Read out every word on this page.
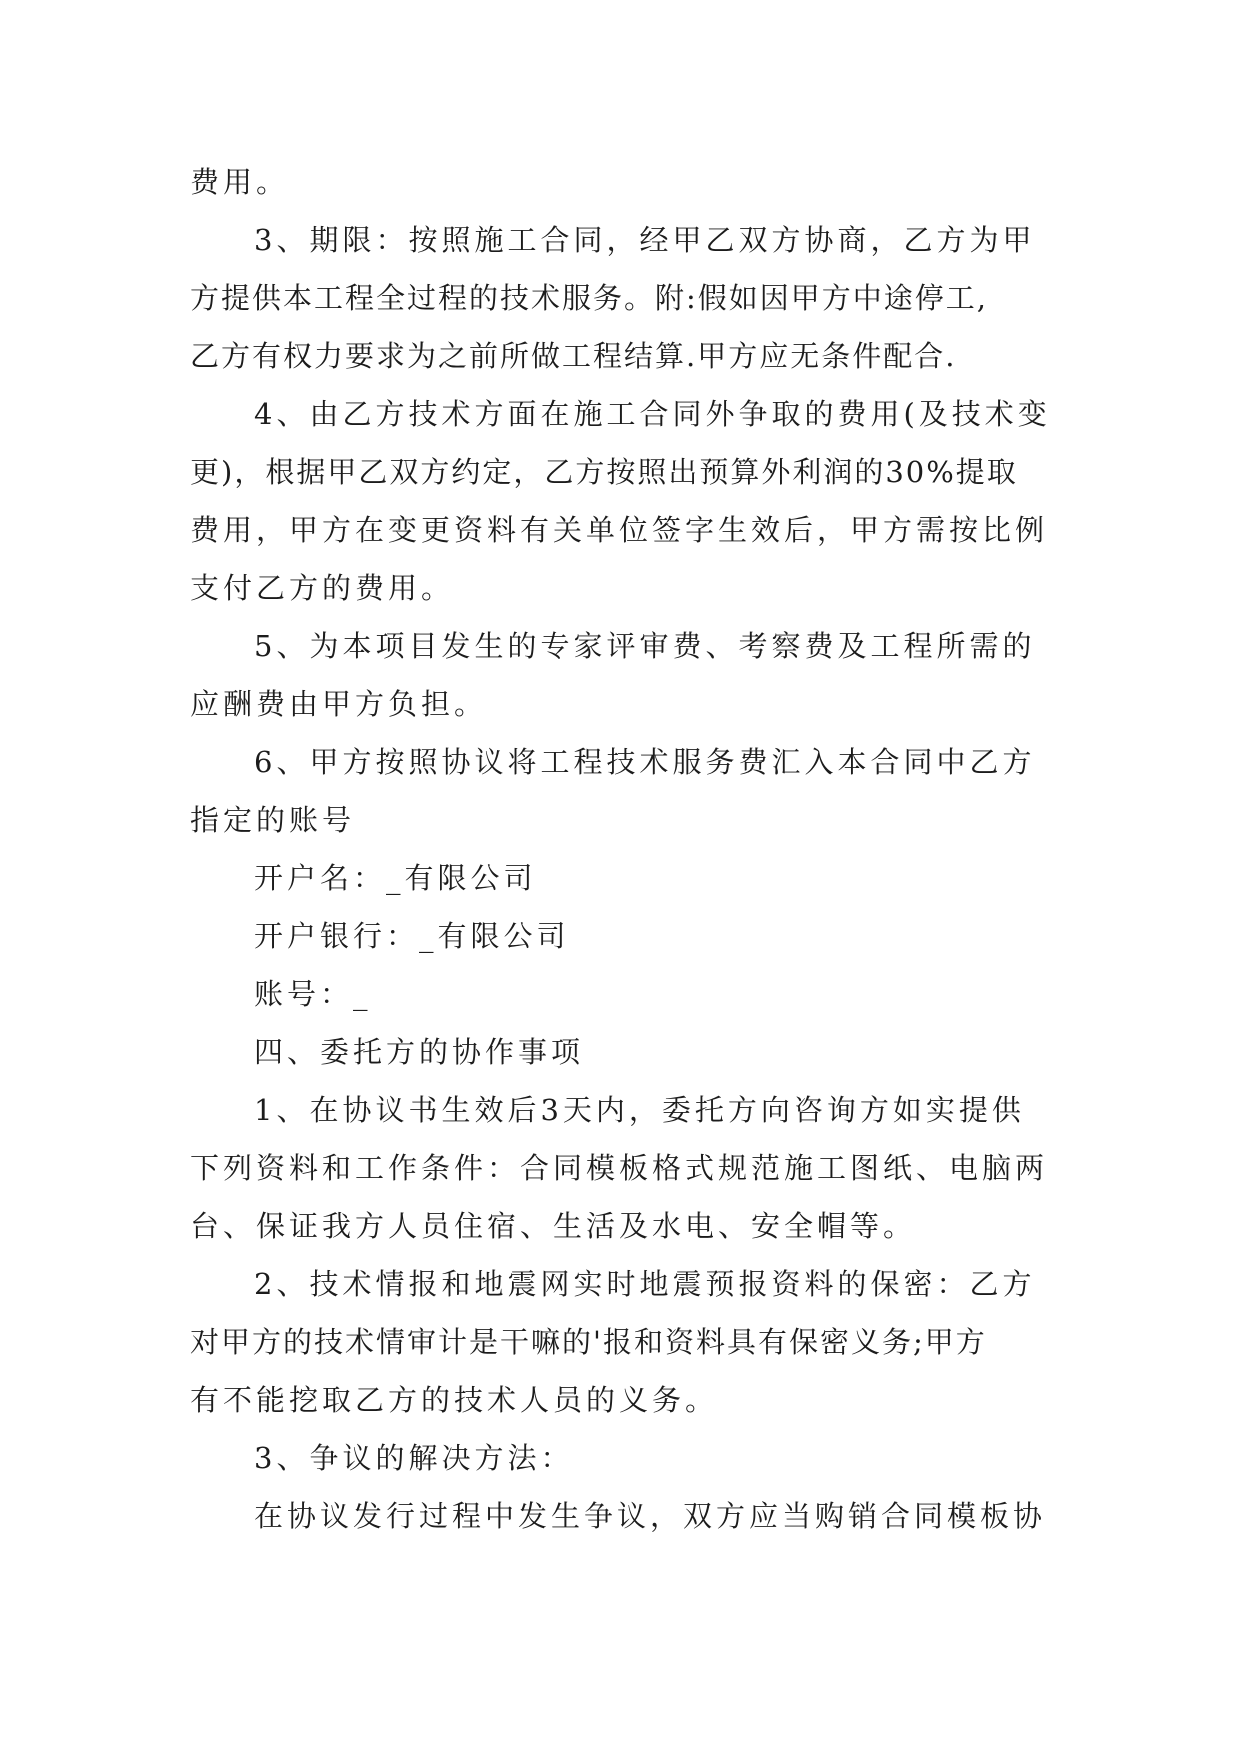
费用。

3、期限：按照施工合同，经甲乙双方协商，乙方为甲

方提供本工程全过程的技术服务。附:假如因甲方中途停工,

乙方有权力要求为之前所做工程结算.甲方应无条件配合.

4、由乙方技术方面在施工合同外争取的费用(及技术变

更)，根据甲乙双方约定，乙方按照出预算外利润的30%提取

费用，甲方在变更资料有关单位签字生效后，甲方需按比例

支付乙方的费用。

5、为本项目发生的专家评审费、考察费及工程所需的

应酬费由甲方负担。

6、甲方按照协议将工程技术服务费汇入本合同中乙方

指定的账号

开户名：_有限公司

开户银行：_有限公司

账号：_

四、委托方的协作事项

1、在协议书生效后3天内，委托方向咨询方如实提供

下列资料和工作条件：合同模板格式规范施工图纸、电脑两

台、保证我方人员住宿、生活及水电、安全帽等。

2、技术情报和地震网实时地震预报资料的保密：乙方

对甲方的技术情审计是干嘛的'报和资料具有保密义务;甲方

有不能挖取乙方的技术人员的义务。

3、争议的解决方法：

在协议发行过程中发生争议，双方应当购销合同模板协
